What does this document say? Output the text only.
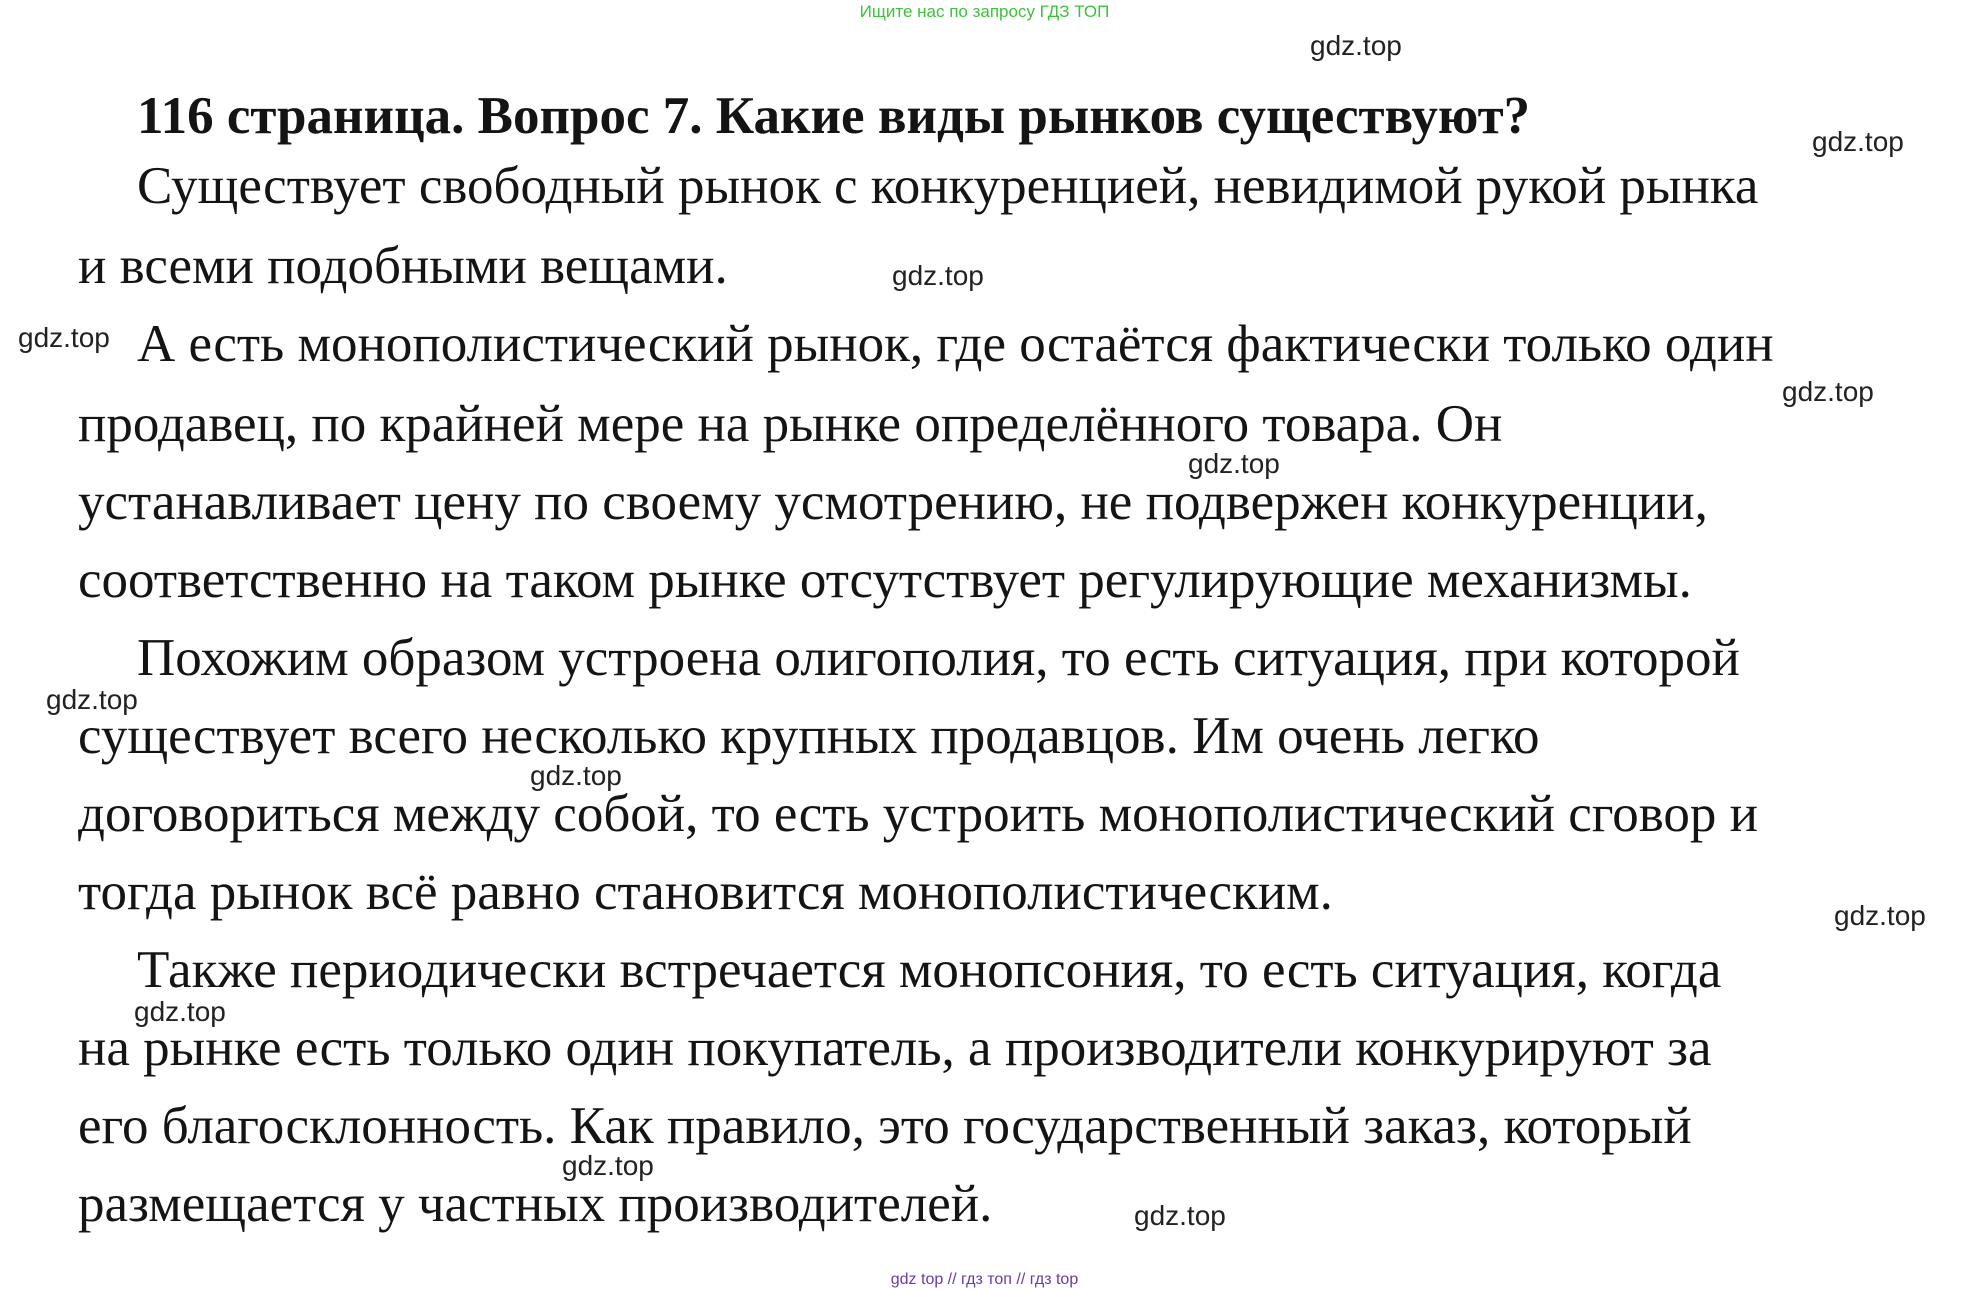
Ищите нас по запросу ГДЗ ТОП
116 страница. Вопрос 7. Какие виды рынков существуют?
Существует свободный рынок с конкуренцией, невидимой рукой рынка
и всеми подобными вещами.
А есть монополистический рынок, где остаётся фактически только один
продавец, по крайней мере на рынке определённого товара. Он
устанавливает цену по своему усмотрению, не подвержен конкуренции,
соответственно на таком рынке отсутствует регулирующие механизмы.
Похожим образом устроена олигополия, то есть ситуация, при которой
существует всего несколько крупных продавцов. Им очень легко
договориться между собой, то есть устроить монополистический сговор и
тогда рынок всё равно становится монополистическим.
Также периодически встречается монопсония, то есть ситуация, когда
на рынке есть только один покупатель, а производители конкурируют за
его благосклонность. Как правило, это государственный заказ, который
размещается у частных производителей.
gdz.top
gdz.top
gdz.top
gdz.top
gdz.top
gdz.top
gdz.top
gdz.top
gdz.top
gdz.top
gdz.top
gdz.top
gdz top // гдз топ // гдз top
